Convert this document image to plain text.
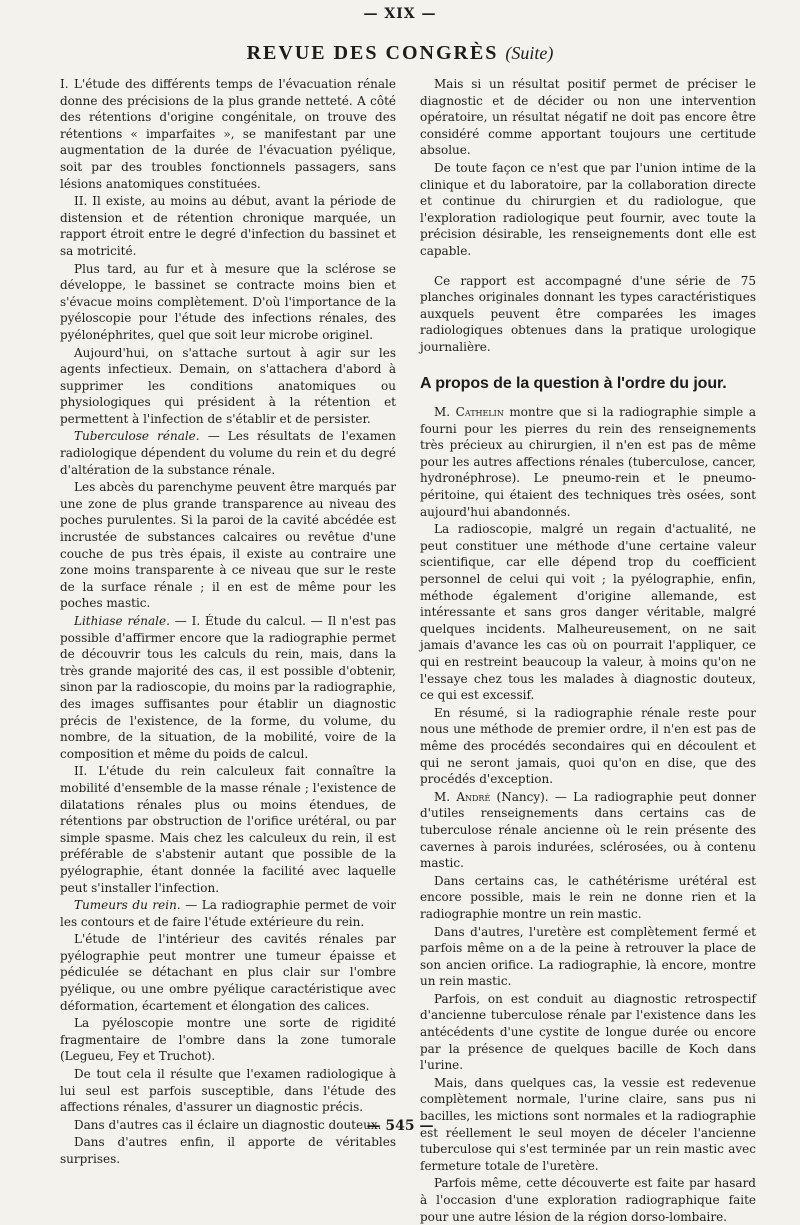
— XIX —
REVUE DES CONGRÈS (Suite)

I. L'étude des différents temps de l'évacuation rénale donne des précisions de la plus grande netteté. A côté des rétentions d'origine congénitale, on trouve des rétentions « imparfaites », se manifestant par une augmentation de la durée de l'évacuation pyélique, soit par des troubles fonctionnels passagers, sans lésions anatomiques constituées.

II. Il existe, au moins au début, avant la période de distension et de rétention chronique marquée, un rapport étroit entre le degré d'infection du bassinet et sa motricité.

Plus tard, au fur et à mesure que la sclérose se développe, le bassinet se contracte moins bien et s'évacue moins complètement. D'où l'importance de la pyéloscopie pour l'étude des infections rénales, des pyélonéphrites, quel que soit leur microbe originel.

Aujourd'hui, on s'attache surtout à agir sur les agents infectieux. Demain, on s'attachera d'abord à supprimer les conditions anatomiques ou physiologiques qui président à la rétention et permettent à l'infection de s'établir et de persister.

Tuberculose rénale. — Les résultats de l'examen radiologique dépendent du volume du rein et du degré d'altération de la substance rénale.

Les abcès du parenchyme peuvent être marqués par une zone de plus grande transparence au niveau des poches purulentes. Si la paroi de la cavité abcédée est incrustée de substances calcaires ou revêtue d'une couche de pus très épais, il existe au contraire une zone moins transparente à ce niveau que sur le reste de la surface rénale ; il en est de même pour les poches mastic.

Lithiase rénale. — I. Étude du calcul. — Il n'est pas possible d'affirmer encore que la radiographie permet de découvrir tous les calculs du rein, mais, dans la très grande majorité des cas, il est possible d'obtenir, sinon par la radioscopie, du moins par la radiographie, des images suffisantes pour établir un diagnostic précis de l'existence, de la forme, du volume, du nombre, de la situation, de la mobilité, voire de la composition et même du poids de calcul.

II. L'étude du rein calculeux fait connaître la mobilité d'ensemble de la masse rénale ; l'existence de dilatations rénales plus ou moins étendues, de rétentions par obstruction de l'orifice urétéral, ou par simple spasme. Mais chez les calculeux du rein, il est préférable de s'abstenir autant que possible de la pyélographie, étant donnée la facilité avec laquelle peut s'installer l'infection.

Tumeurs du rein. — La radiographie permet de voir les contours et de faire l'étude extérieure du rein.

L'étude de l'intérieur des cavités rénales par pyélographie peut montrer une tumeur épaisse et pédiculée se détachant en plus clair sur l'ombre pyélique, ou une ombre pyélique caractéristique avec déformation, écartement et élongation des calices.

La pyéloscopie montre une sorte de rigidité fragmentaire de l'ombre dans la zone tumorale (Legueu, Fey et Truchot).

De tout cela il résulte que l'examen radiologique à lui seul est parfois susceptible, dans l'étude des affections rénales, d'assurer un diagnostic précis.

Dans d'autres cas il éclaire un diagnostic douteux.

Dans d'autres enfin, il apporte de véritables surprises.

Mais si un résultat positif permet de préciser le diagnostic et de décider ou non une intervention opératoire, un résultat négatif ne doit pas encore être considéré comme apportant toujours une certitude absolue.

De toute façon ce n'est que par l'union intime de la clinique et du laboratoire, par la collaboration directe et continue du chirurgien et du radiologue, que l'exploration radiologique peut fournir, avec toute la précision désirable, les renseignements dont elle est capable.

Ce rapport est accompagné d'une série de 75 planches originales donnant les types caractéristiques auxquels peuvent être comparées les images radiologiques obtenues dans la pratique urologique journalière.

A propos de la question à l'ordre du jour.

M. Cathelin montre que si la radiographie simple a fourni pour les pierres du rein des renseignements très précieux au chirurgien, il n'en est pas de même pour les autres affections rénales (tuberculose, cancer, hydronéphrose). Le pneumo-rein et le pneumo-péritoine, qui étaient des techniques très osées, sont aujourd'hui abandonnés.

La radioscopie, malgré un regain d'actualité, ne peut constituer une méthode d'une certaine valeur scientifique, car elle dépend trop du coefficient personnel de celui qui voit ; la pyélographie, enfin, méthode également d'origine allemande, est intéressante et sans gros danger véritable, malgré quelques incidents. Malheureusement, on ne sait jamais d'avance les cas où on pourrait l'appliquer, ce qui en restreint beaucoup la valeur, à moins qu'on ne l'essaye chez tous les malades à diagnostic douteux, ce qui est excessif.

En résumé, si la radiographie rénale reste pour nous une méthode de premier ordre, il n'en est pas de même des procédés secondaires qui en découlent et qui ne seront jamais, quoi qu'on en dise, que des procédés d'exception.

M. André (Nancy). — La radiographie peut donner d'utiles renseignements dans certains cas de tuberculose rénale ancienne où le rein présente des cavernes à parois indurées, sclérosées, ou à contenu mastic.

Dans certains cas, le cathétérisme urétéral est encore possible, mais le rein ne donne rien et la radiographie montre un rein mastic.

Dans d'autres, l'uretère est complètement fermé et parfois même on a de la peine à retrouver la place de son ancien orifice. La radiographie, là encore, montre un rein mastic.

Parfois, on est conduit au diagnostic retrospectif d'ancienne tuberculose rénale par l'existence dans les antécédents d'une cystite de longue durée ou encore par la présence de quelques bacille de Koch dans l'urine.

Mais, dans quelques cas, la vessie est redevenue complètement normale, l'urine claire, sans pus ni bacilles, les mictions sont normales et la radiographie est réellement le seul moyen de déceler l'ancienne tuberculose qui s'est terminée par un rein mastic avec fermeture totale de l'uretère.

Parfois même, cette découverte est faite par hasard à l'occasion d'une exploration radiographique faite pour une autre lésion de la région dorso-lombaire.

— 545 —
